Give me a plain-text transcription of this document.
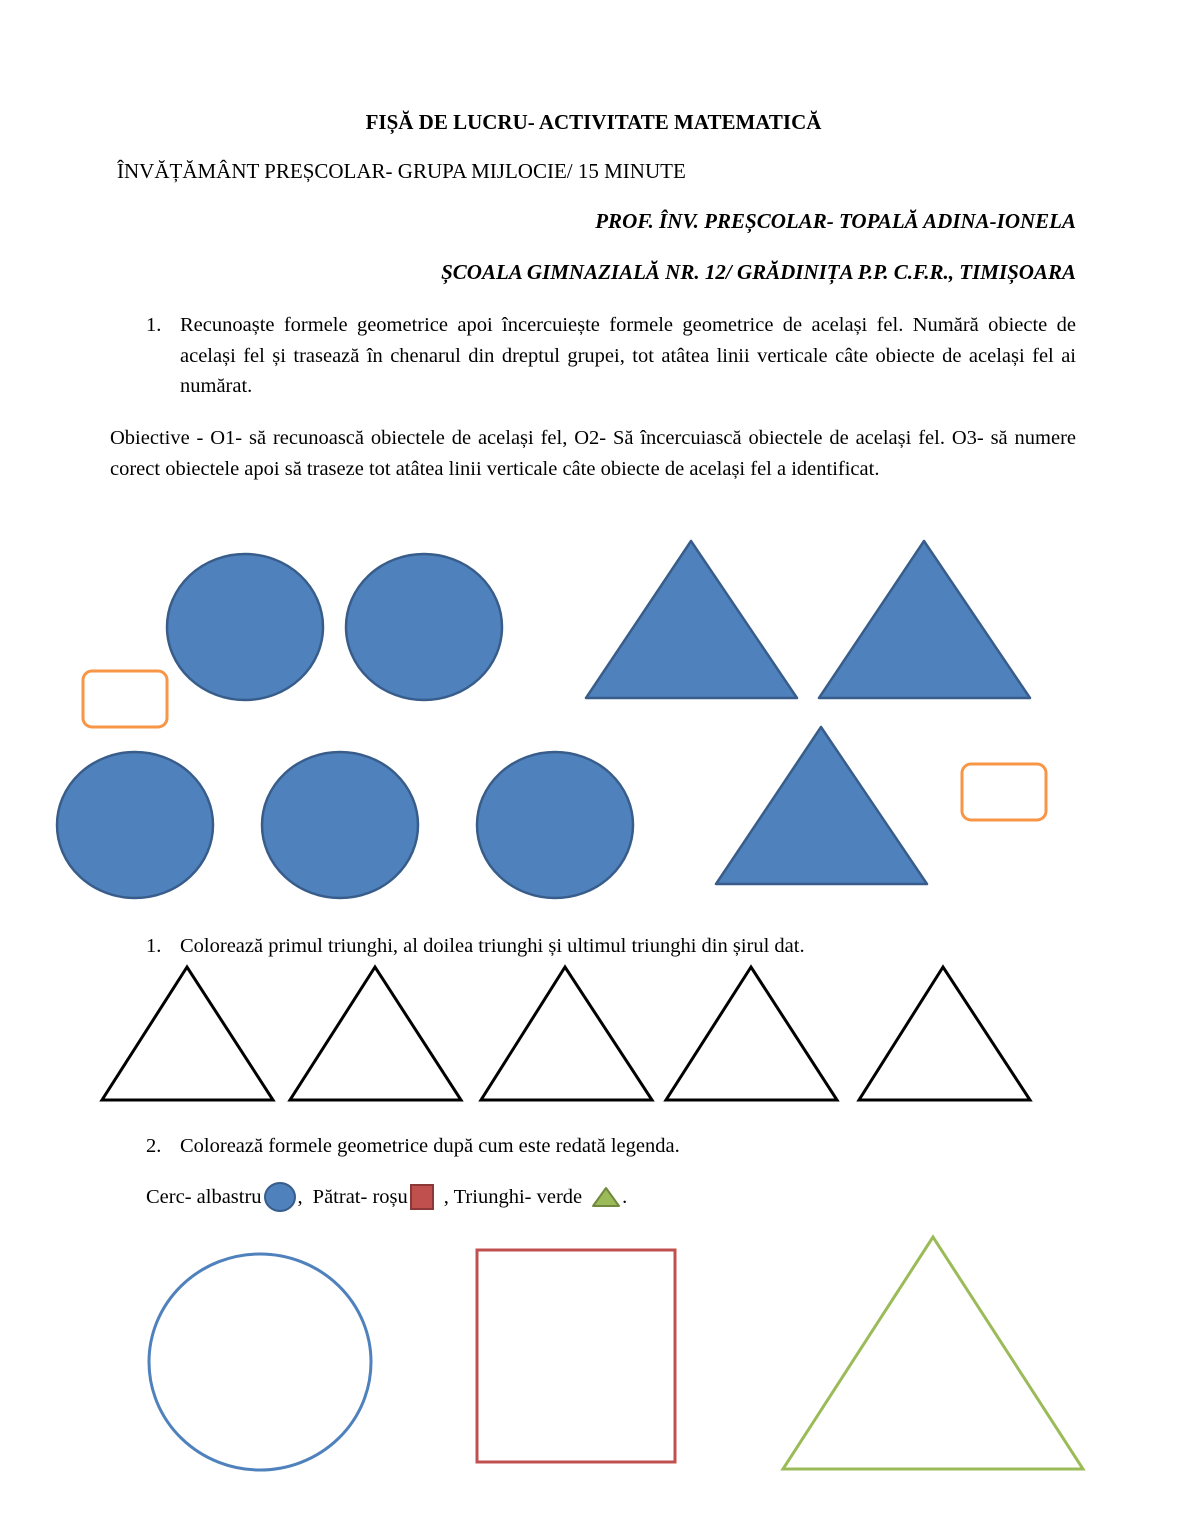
FIȘĂ DE LUCRU- ACTIVITATE MATEMATICĂ
ÎNVĂȚĂMÂNT PREȘCOLAR- GRUPA MIJLOCIE/ 15 MINUTE
PROF. ÎNV. PREȘCOLAR- TOPALĂ ADINA-IONELA
ȘCOALA GIMNAZIALĂ NR. 12/ GRĂDINIȚA P.P. C.F.R., TIMIȘOARA
1. Recunoaște formele geometrice apoi încercuiește formele geometrice de același fel. Numără obiecte de același fel și trasează în chenarul din dreptul grupei, tot atâtea linii verticale câte obiecte de același fel ai numărat.
Obiective - O1- să recunoască obiectele de același fel, O2- Să încercuiască obiectele de același fel. O3- să numere corect obiectele apoi să traseze tot atâtea linii verticale câte obiecte de același fel a identificat.
1. Colorează primul triunghi, al doilea triunghi și ultimul triunghi din șirul dat.
2. Colorează formele geometrice după cum este redată legenda.
Cerc- albastru , Pătrat- roșu , Triunghi- verde .
